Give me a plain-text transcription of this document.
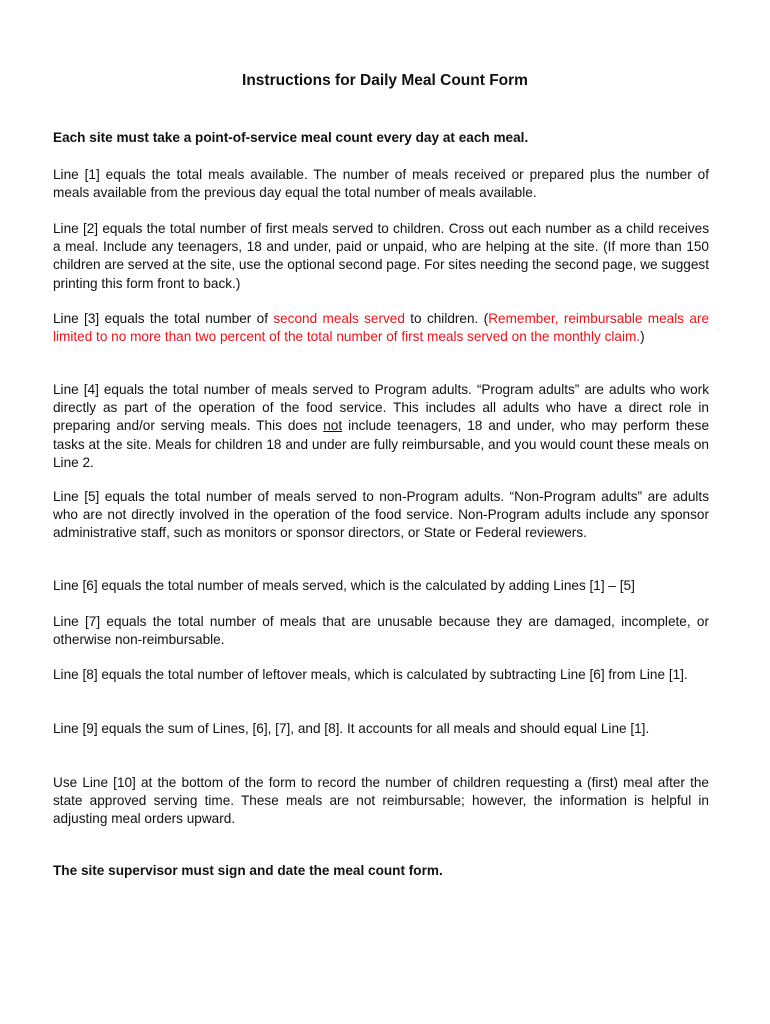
Instructions for Daily Meal Count Form

Each site must take a point-of-service meal count every day at each meal.

Line [1] equals the total meals available. The number of meals received or prepared plus the number of meals available from the previous day equal the total number of meals available.

Line [2] equals the total number of first meals served to children. Cross out each number as a child receives a meal. Include any teenagers, 18 and under, paid or unpaid, who are helping at the site. (If more than 150 children are served at the site, use the optional second page. For sites needing the second page, we suggest printing this form front to back.)

Line [3] equals the total number of second meals served to children. (Remember, reimbursable meals are limited to no more than two percent of the total number of first meals served on the monthly claim.)

Line [4] equals the total number of meals served to Program adults. “Program adults” are adults who work directly as part of the operation of the food service. This includes all adults who have a direct role in preparing and/or serving meals. This does not include teenagers, 18 and under, who may perform these tasks at the site. Meals for children 18 and under are fully reimbursable, and you would count these meals on Line 2.

Line [5] equals the total number of meals served to non-Program adults. “Non-Program adults” are adults who are not directly involved in the operation of the food service. Non-Program adults include any sponsor administrative staff, such as monitors or sponsor directors, or State or Federal reviewers.

Line [6] equals the total number of meals served, which is the calculated by adding Lines [1] – [5]

Line [7] equals the total number of meals that are unusable because they are damaged, incomplete, or otherwise non-reimbursable.

Line [8] equals the total number of leftover meals, which is calculated by subtracting Line [6] from Line [1].

Line [9] equals the sum of Lines, [6], [7], and [8]. It accounts for all meals and should equal Line [1].

Use Line [10] at the bottom of the form to record the number of children requesting a (first) meal after the state approved serving time. These meals are not reimbursable; however, the information is helpful in adjusting meal orders upward.

The site supervisor must sign and date the meal count form.
